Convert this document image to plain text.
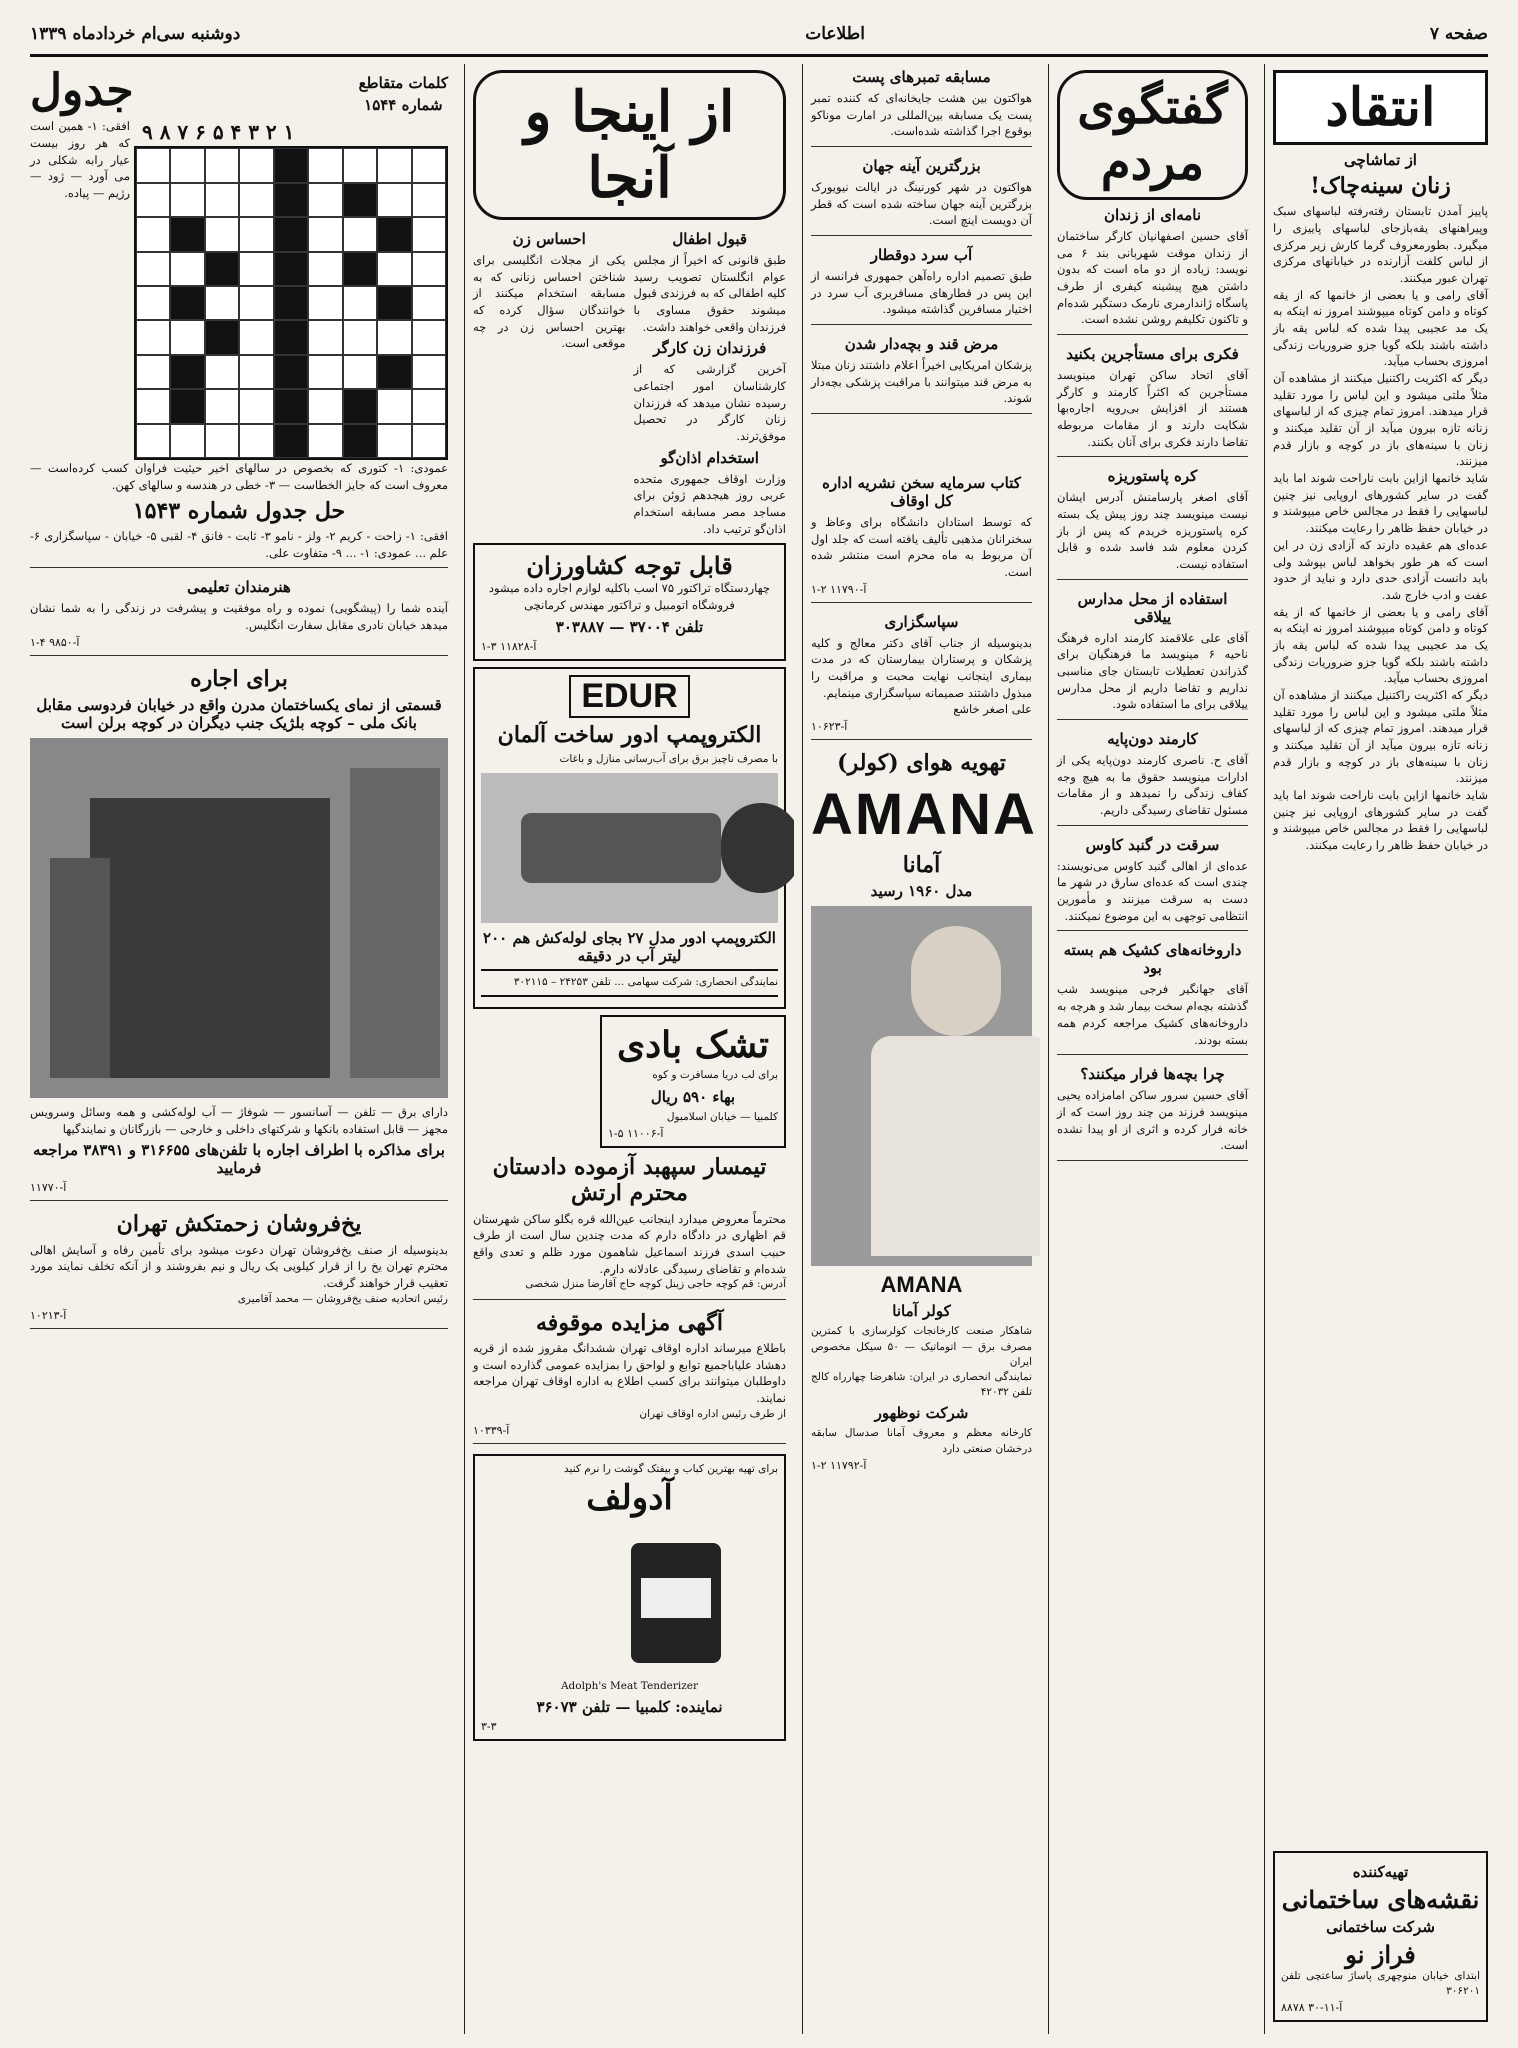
صفحه ۷
اطلاعات
دوشنبه سی‌ام خردادماه ۱۳۳۹
انتقاد
از تماشاچی
زنان سینه‌چاک!

پاییز آمدن تابستان رفته‌رفته لباسهای سبک وپیراهنهای یقه‌بازجای لباسهای پاییزی را میگیرد. بطورمعروف گرما کارش زیر مرکزی از لباس کلفت آزارنده در خیابانهای مرکزی تهران عبور میکنند.

آقای رامی و یا بعضی از خانمها که از یقه کوتاه و دامن کوتاه میپوشند امروز نه اینکه به یک مد عجیبی پیدا شده که لباس یقه باز داشته باشند بلکه گویا جزو ضروریات زندگی امروزی بحساب میآید.

دیگر که اکثریت راکتنیل میکنند از مشاهده آن مثلاً ملتی میشود و این لباس را مورد تقلید قرار میدهند. امروز تمام چیزی که از لباسهای زنانه تازه بیرون میآید از آن تقلید میکنند و زنان با سینه‌های باز در کوچه و بازار قدم میزنند.

شاید خانمها ازاین بابت ناراحت شوند اما باید گفت در سایر کشورهای اروپایی نیز چنین لباسهایی را فقط در مجالس خاص میپوشند و در خیابان حفظ ظاهر را رعایت میکنند.

عده‌ای هم عقیده دارند که آزادی زن در این است که هر طور بخواهد لباس بپوشد ولی باید دانست آزادی حدی دارد و نباید از حدود عفت و ادب خارج شد.

آقای رامی و یا بعضی از خانمها که از یقه کوتاه و دامن کوتاه میپوشند امروز نه اینکه به یک مد عجیبی پیدا شده که لباس یقه باز داشته باشند بلکه گویا جزو ضروریات زندگی امروزی بحساب میآید.

دیگر که اکثریت راکتنیل میکنند از مشاهده آن مثلاً ملتی میشود و این لباس را مورد تقلید قرار میدهند. امروز تمام چیزی که از لباسهای زنانه تازه بیرون میآید از آن تقلید میکنند و زنان با سینه‌های باز در کوچه و بازار قدم میزنند.

شاید خانمها ازاین بابت ناراحت شوند اما باید گفت در سایر کشورهای اروپایی نیز چنین لباسهایی را فقط در مجالس خاص میپوشند و در خیابان حفظ ظاهر را رعایت میکنند.

تهیه‌کننده
نقشه‌های ساختمانی
شرکت ساختمانی
فراز نو
ابتدای خیابان منوچهری پاساژ ساعتچی تلفن ۳۰۶۲۰۱
۸۸۷۸ آ-۱۱-۳۰
گفتگوی مردم
نامه‌ای از زندان

آقای حسین اصفهانیان کارگر ساختمان از زندان موقت شهربانی بند ۶ می نویسد: زیاده از دو ماه است که بدون داشتن هیچ پیشینه کیفری از طرف پاسگاه ژاندارمری نارمک دستگیر شده‌ام و تاکنون تکلیفم روشن نشده است.

فکری برای مستأجرین بکنید

آقای اتحاد ساکن تهران مینویسد مستأجرین که اکثراً کارمند و کارگر هستند از افزایش بی‌رویه اجاره‌بها شکایت دارند و از مقامات مربوطه تقاضا دارند فکری برای آنان بکنند.

کره پاستوریزه

آقای اصغر پارسامنش آدرس ایشان نیست مینویسد چند روز پیش یک بسته کره پاستوریزه خریدم که پس از باز کردن معلوم شد فاسد شده و قابل استفاده نیست.

استفاده از محل مدارس ییلاقی

آقای علی علاقمند کارمند اداره فرهنگ ناحیه ۶ مینویسد ما فرهنگیان برای گذراندن تعطیلات تابستان جای مناسبی نداریم و تقاضا داریم از محل مدارس ییلاقی برای ما استفاده شود.

کارمند دون‌پایه

آقای ح. ناصری کارمند دون‌پایه یکی از ادارات مینویسد حقوق ما به هیچ وجه کفاف زندگی را نمیدهد و از مقامات مسئول تقاضای رسیدگی داریم.

سرقت در گنبد کاوس

عده‌ای از اهالی گنبد کاوس می‌نویسند: چندی است که عده‌ای سارق در شهر ما دست به سرقت میزنند و مأمورین انتظامی توجهی به این موضوع نمیکنند.

داروخانه‌های کشیک هم بسته بود

آقای جهانگیر فرجی مینویسد شب گذشته بچه‌ام سخت بیمار شد و هرچه به داروخانه‌های کشیک مراجعه کردم همه بسته بودند.

چرا بچه‌ها فرار میکنند؟

آقای حسین سرور ساکن امامزاده یحیی مینویسد فرزند من چند روز است که از خانه فرار کرده و اثری از او پیدا نشده است.

مسابقه تمبرهای پست

هواکتون بین هشت جایخانه‌ای که کننده تمبر پست یک مسابقه بین‌المللی در امارت موناکو بوقوع اجرا گذاشته شده‌است.

بزرگترین آینه جهان

هواکتون در شهر کورنینگ در ایالت نیویورک بزرگترین آینه جهان ساخته شده است که قطر آن دویست اینچ است.

آب سرد دوقطار

طبق تصمیم اداره راه‌آهن جمهوری فرانسه از این پس در قطارهای مسافربری آب سرد در اختیار مسافرین گذاشته میشود.

مرض قند و بچه‌دار شدن

پزشکان امریکایی اخیراً اعلام داشتند زنان مبتلا به مرض قند میتوانند با مراقبت پزشکی بچه‌دار شوند.

کتاب سرمایه سخن نشریه اداره کل اوقاف

که توسط استادان دانشگاه برای وعاظ و سخنرانان مذهبی تألیف یافته است که جلد اول آن مربوط به ماه محرم است منتشر شده است.

آ-۱۱۷۹۰ ۲-۱
سپاسگزاری

بدینوسیله از جناب آقای دکتر معالج و کلیه پزشکان و پرستاران بیمارستان که در مدت بیماری اینجانب نهایت محبت و مراقبت را مبذول داشتند صمیمانه سپاسگزاری مینمایم.

علی اصغر خاشع
آ-۱۰۶۲۳
تهویه هوای (کولر)
AMANA
آمانا
مدل ۱۹۶۰ رسید
AMANA
کولر آمانا

شاهکار صنعت کارخانجات کولرسازی با کمترین مصرف برق — اتوماتیک — ۵۰ سیکل مخصوص ایران

نمایندگی انحصاری در ایران: شاهرضا چهارراه کالج تلفن ۴۲۰۳۲

شرکت نوظهور

کارخانه معظم و معروف آمانا صدسال سابقه درخشان صنعتی دارد

آ-۱۱۷۹۲ ۲-۱
از اینجا و آنجا
قبول اطفال

طبق قانونی که اخیراً از مجلس عوام انگلستان تصویب رسید کلیه اطفالی که به فرزندی قبول میشوند حقوق مساوی با فرزندان واقعی خواهند داشت.

فرزندان زن کارگر

آخرین گزارشی که از کارشناسان امور اجتماعی رسیده نشان میدهد که فرزندان زنان کارگر در تحصیل موفق‌ترند.

استخدام اذان‌گو

وزارت اوقاف جمهوری متحده عربی روز هیجدهم ژوئن برای مساجد مصر مسابقه استخدام اذان‌گو ترتیب داد.

احساس زن

یکی از مجلات انگلیسی برای شناختن احساس زنانی که به مسابقه استخدام میکنند از خوانندگان سؤال کرده که بهترین احساس زن در چه موقعی است.

قابل توجه کشاورزان

چهاردستگاه تراکتور ۷۵ اسب باکلیه لوازم اجاره داده میشود فروشگاه اتومبیل و تراکتور مهندس کرمانچی

تلفن ۳۷۰۰۴ — ۳۰۳۸۸۷
آ-۱۱۸۲۸ ۳-۱
EDUR
الکتروپمپ ادور ساخت آلمان

با مصرف ناچیز برق برای آب‌رسانی منازل و باغات

الکتروپمپ ادور مدل ۲۷ بجای لوله‌کش هم ۲۰۰ لیتر آب در دقیقه
نمایندگی انحصاری: شرکت سهامی ... تلفن ۲۴۲۵۳ – ۳۰۲۱۱۵
تشک بادی
برای لب دریا مسافرت و کوه
بهاء ۵۹۰ ریال
کلمبیا — خیابان اسلامبول
آ-۱۱۰۰۶ ۵-۱
تیمسار سپهبد آزموده دادستان محترم ارتش

محترماً معروض میدارد اینجانب عین‌الله قره بگلو ساکن شهرستان قم اظهاری در دادگاه دارم که مدت چندین سال است از طرف حبیب اسدی فرزند اسماعیل شاهمون مورد ظلم و تعدی واقع شده‌ام و تقاضای رسیدگی عادلانه دارم.

آدرس: قم کوچه حاجی زینل کوچه حاج آقارضا منزل شخصی

آگهی مزایده موقوفه

باطلاع میرساند اداره اوقاف تهران ششدانگ مقروز شده از قریه دهشاد علیاباجمیع توابع و لواحق را بمزایده عمومی گذارده است و داوطلبان میتوانند برای کسب اطلاع به اداره اوقاف تهران مراجعه نمایند.

از طرف رئیس اداره اوقاف تهران
آ-۱۰۳۳۹
برای تهیه بهترین کباب و بیفتک گوشت را نرم کنید
آدولف
Adolph's Meat Tenderizer
نماینده: کلمبیا — تلفن ۳۶۰۷۳
۳-۳
کلمات متقاطع
شماره ۱۵۴۴
جدول
۹ ۸ ۷ ۶ ۵ ۴ ۳ ۲ ۱

افقی: ۱- همین است که هر روز بیست عیار رابه شکلی در می آورد — ژود — رژیم — پیاده.

عمودی: ۱- کتوری که بخصوص در سالهای اخیر حیثیت فراوان کسب کرده‌است — معروف است که جایز الخطاست — ۳- خطی در هندسه و سالهای کهن.

حل جدول شماره ۱۵۴۳

افقی: ۱- زاحت - کریم ۲- ولز - نامو ۳- ثابت - فانق ۴- لقبی ۵- خیابان - سپاسگزاری ۶- علم ... عمودی: ۱- ... ۹- متفاوت علی.

هنرمندان تعلیمی

آینده شما را (پیشگویی) نموده و راه موفقیت و پیشرفت در زندگی را به شما نشان میدهد خیابان نادری مقابل سفارت انگلیس.

آ-۹۸۵۰ ۴-۱
برای اجاره
قسمتی از نمای یکساختمان مدرن واقع در خیابان فردوسی مقابل بانک ملی – کوچه بلژیک جنب دیگران در کوچه برلن است

دارای برق — تلفن — آسانسور — شوفاژ — آب لوله‌کشی و همه وسائل وسرویس مجهز — قابل استفاده بانکها و شرکتهای داخلی و خارجی — بازرگانان و نمایندگیها

برای مذاکره با اطراف اجاره با تلفن‌های ۳۱۶۶۵۵ و ۳۸۳۹۱ مراجعه فرمایید
آ-۱۱۷۷۰
یخ‌فروشان زحمتکش تهران

بدینوسیله از صنف یخ‌فروشان تهران دعوت میشود برای تأمین رفاه و آسایش اهالی محترم تهران یخ را از قرار کیلویی یک ریال و نیم بفروشند و از آنکه تخلف نمایند مورد تعقیب قرار خواهند گرفت.

رئیس اتحادیه صنف یخ‌فروشان — محمد آقامیری
آ-۱۰۲۱۳
